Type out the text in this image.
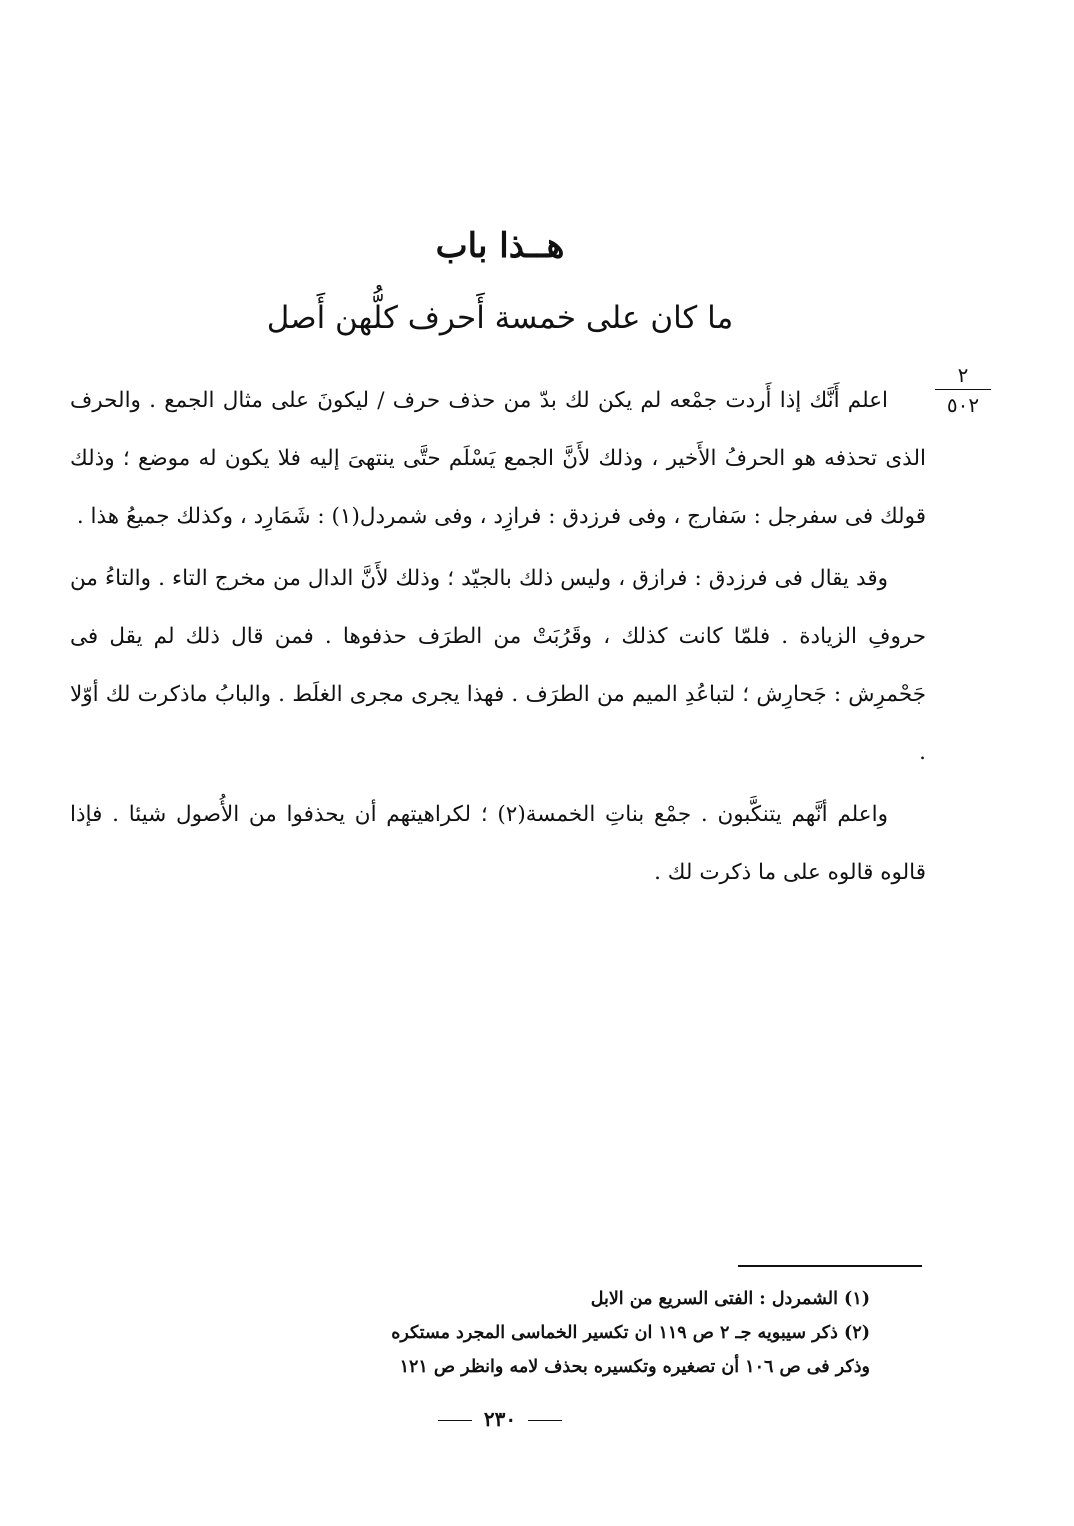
هــذا باب
ما كان على خمسة أَحرف كلُّهن أَصل
٢
٥٠٢

اعلم أَنَّك إذا أَردت جمْعه لم يكن لك بدّ من حذف حرف / ليكونَ على مثال الجمع . والحرف الذى تحذفه هو الحرفُ الأَخير ، وذلك لأَنَّ الجمع يَسْلَم حتَّى ينتهىَ إليه فلا يكون له موضع ؛ وذلك قولك فى سفرجل : سَفارج ، وفى فرزدق : فرازِد ، وفى شمردل(١) : شَمَارِد ، وكذلك جميعُ هذا .

وقد يقال فى فرزدق : فرازق ، وليس ذلك بالجيّد ؛ وذلك لأَنَّ الدال من مخرج التاء . والتاءُ من حروفِ الزيادة . فلمّا كانت كذلك ، وقَرُبَتْ من الطرَف حذفوها . فمن قال ذلك لم يقل فى جَحْمرِش : جَحارِش ؛ لتباعُدِ الميم من الطرَف . فهذا يجرى مجرى الغلَط . والبابُ ماذكرت لك أوّلا .

واعلم أنَّهم يتنكَّبون . جمْع بناتِ الخمسة(٢) ؛ لكراهيتهم أن يحذفوا من الأُصول شيئا . فإذا قالوه قالوه على ما ذكرت لك .

(١) الشمردل : الفتى السريع من الابل
(٢) ذكر سيبويه جـ ٢ ص ١١٩ ان تكسير الخماسى المجرد مستكره
وذكر فى ص ١٠٦ أن تصغيره وتكسيره بحذف لامه وانظر ص ١٢١
٢٣٠
